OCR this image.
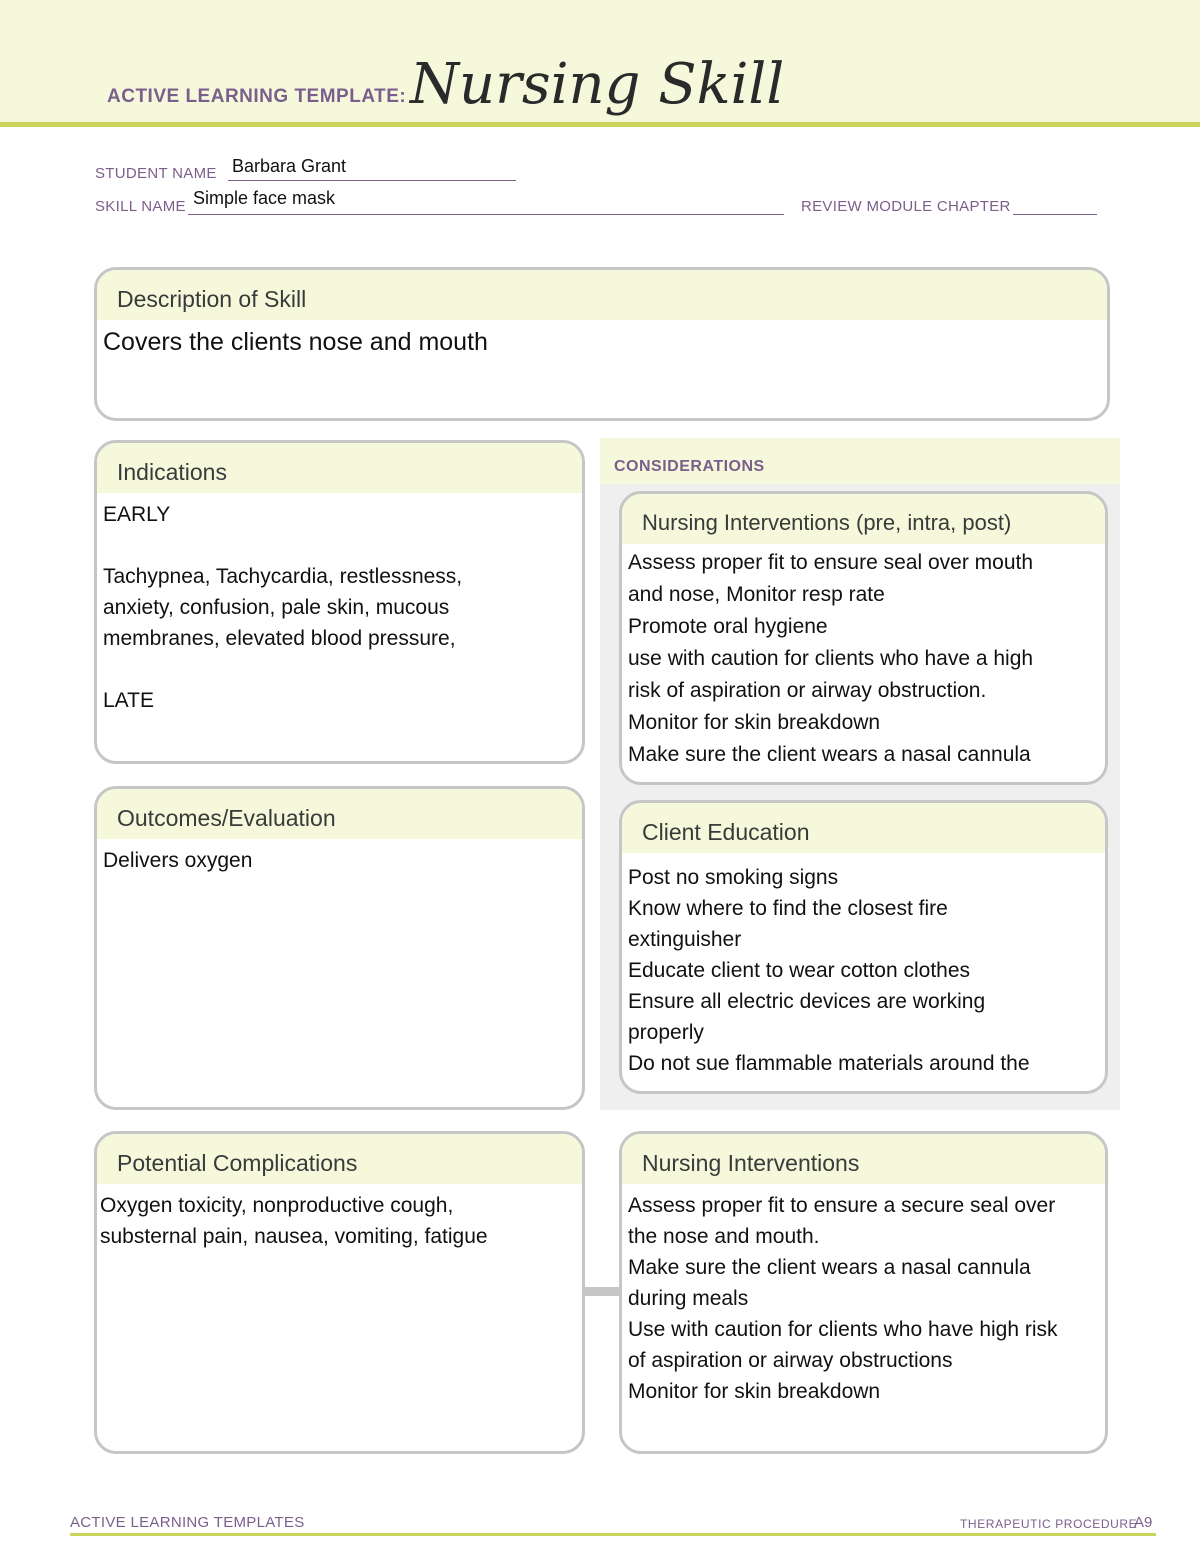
ACTIVE LEARNING TEMPLATE: Nursing Skill
STUDENT NAME Barbara Grant
SKILL NAME Simple face mask	REVIEW MODULE CHAPTER
Description of Skill

Covers the clients nose and mouth

Indications

EARLY

Tachypnea, Tachycardia, restlessness,
anxiety, confusion, pale skin, mucous
membranes, elevated blood pressure,

LATE

Outcomes/Evaluation

Delivers oxygen

CONSIDERATIONS
Nursing Interventions (pre, intra, post)

Assess proper fit to ensure seal over mouth
and nose, Monitor resp rate
Promote oral hygiene
use with caution for clients who have a high
risk of aspiration or airway obstruction.
Monitor for skin breakdown
Make sure the client wears a nasal cannula

Client Education

Post no smoking signs
Know where to find the closest fire
extinguisher
Educate client to wear cotton clothes
Ensure all electric devices are working
properly
Do not sue flammable materials around the

Potential Complications

Oxygen toxicity, nonproductive cough,
substernal pain, nausea, vomiting, fatigue

Nursing Interventions

Assess proper fit to ensure a secure seal over
the nose and mouth.
Make sure the client wears a nasal cannula
during meals
Use with caution for clients who have high risk
of aspiration or airway obstructions
Monitor for skin breakdown

ACTIVE LEARNING TEMPLATES	THERAPEUTIC PROCEDURE
A9
